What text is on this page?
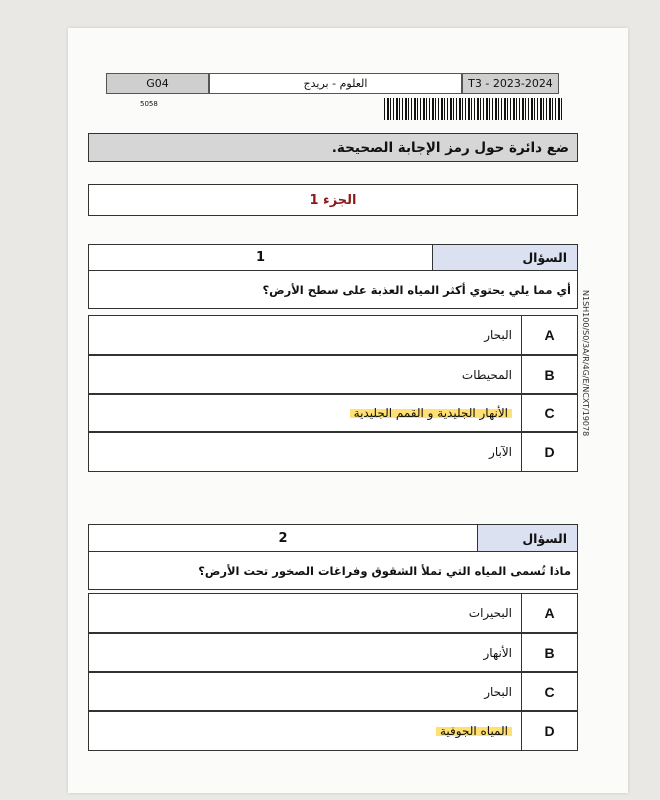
T3 - 2023-2024
العلوم - بريدج
G04
5058
N1SH100/S0/3A/R/4G/E/NCXT/19078
ضع دائرة حول رمز الإجابة الصحيحة.
الجزء 1
السؤال
1
أي مما يلي يحتوي أكثر المياه العذبة على سطح الأرض؟
البحار	A
المحيطات	B
الأنهار الجليدية و القمم الجليدية	C
الآبار	D
السؤال
2
ماذا تُسمى المياه التي تملأ الشقوق وفراغات الصخور تحت الأرض؟
البحيرات	A
الأنهار	B
البحار	C
المياه الجوفية	D
